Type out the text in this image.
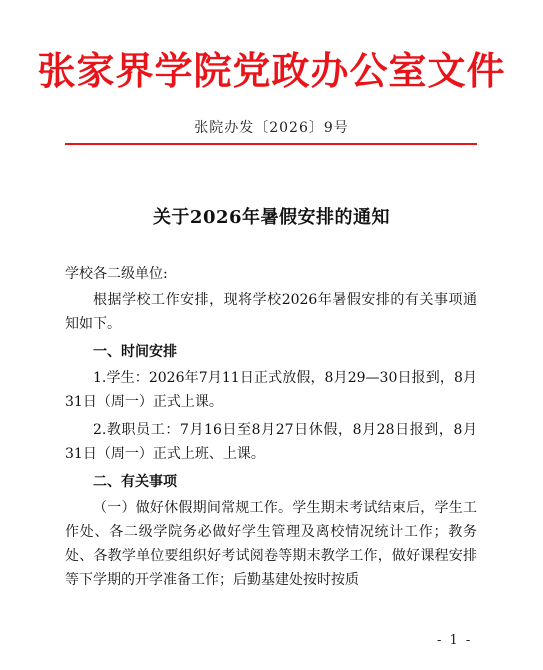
张家界学院党政办公室文件
张院办发〔2026〕9号
关于2026年暑假安排的通知

学校各二级单位:

根据学校工作安排，现将学校2026年暑假安排的有关事项通知如下。

一、时间安排

1.学生：2026年7月11日正式放假，8月29—30日报到，8月31日（周一）正式上课。

2.教职员工：7月16日至8月27日休假，8月28日报到，8月31日（周一）正式上班、上课。

二、有关事项

（一）做好休假期间常规工作。学生期末考试结束后，学生工作处、各二级学院务必做好学生管理及离校情况统计工作；教务处、各教学单位要组织好考试阅卷等期末教学工作，做好课程安排等下学期的开学准备工作；后勤基建处按时按质

- 1 -
